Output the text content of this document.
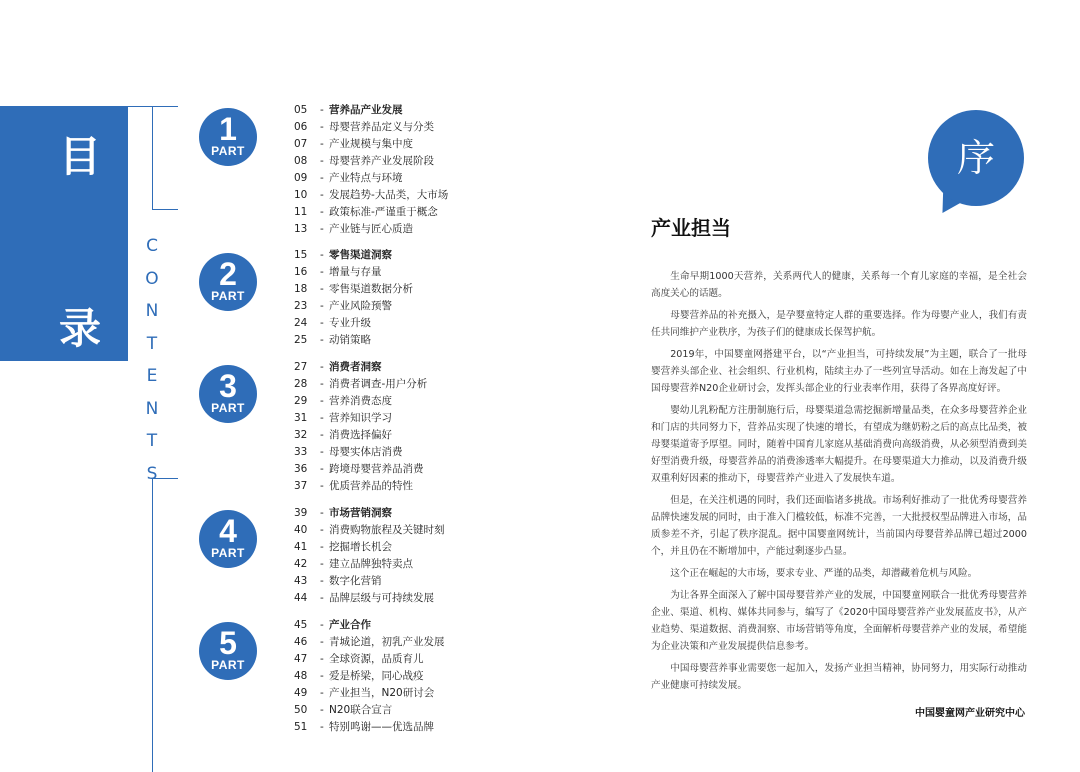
目
录
C
O
N
T
E
N
T
S
1
PART
2
PART
3
PART
4
PART
5
PART
05 - 营养品产业发展
06 - 母婴营养品定义与分类
07 - 产业规模与集中度
08 - 母婴营养产业发展阶段
09 - 产业特点与环境
10 - 发展趋势-大品类，大市场
11 - 政策标准-严谨重于概念
13 - 产业链与匠心质造
15 - 零售渠道洞察
16 - 增量与存量
18 - 零售渠道数据分析
23 - 产业风险预警
24 - 专业升级
25 - 动销策略
27 - 消费者洞察
28 - 消费者调查-用户分析
29 - 营养消费态度
31 - 营养知识学习
32 - 消费选择偏好
33 - 母婴实体店消费
36 - 跨境母婴营养品消费
37 - 优质营养品的特性
39 - 市场营销洞察
40 - 消费购物旅程及关键时刻
41 - 挖掘增长机会
42 - 建立品牌独特卖点
43 - 数字化营销
44 - 品牌层级与可持续发展
45 - 产业合作
46 - 青城论道，初乳产业发展
47 - 全球资源，品质育儿
48 - 爱是桥梁，同心战疫
49 - 产业担当，N20研讨会
50 - N20联合宣言
51 - 特别鸣谢——优选品牌
序
产业担当

生命早期1000天营养，关系两代人的健康，关系每一个育儿家庭的幸福，是全社会高度关心的话题。

母婴营养品的补充摄入，是孕婴童特定人群的重要选择。作为母婴产业人，我们有责任共同维护产业秩序，为孩子们的健康成长保驾护航。

2019年，中国婴童网搭建平台，以“产业担当，可持续发展”为主题，联合了一批母婴营养头部企业、社会组织、行业机构，陆续主办了一些列宣导活动。如在上海发起了中国母婴营养N20企业研讨会，发挥头部企业的行业表率作用，获得了各界高度好评。

婴幼儿乳粉配方注册制施行后，母婴渠道急需挖掘新增量品类，在众多母婴营养企业和门店的共同努力下，营养品实现了快速的增长，有望成为继奶粉之后的高点比品类，被母婴渠道寄予厚望。同时，随着中国育儿家庭从基础消费向高级消费，从必须型消费到美好型消费升级，母婴营养品的消费渗透率大幅提升。在母婴渠道大力推动，以及消费升级双重利好因素的推动下，母婴营养产业进入了发展快车道。

但是，在关注机遇的同时，我们还面临诸多挑战。市场利好推动了一批优秀母婴营养品牌快速发展的同时，由于准入门槛较低，标准不完善，一大批授权型品牌进入市场，品质参差不齐，引起了秩序混乱。据中国婴童网统计，当前国内母婴营养品牌已超过2000个，并且仍在不断增加中，产能过剩逐步凸显。

这个正在崛起的大市场，要求专业、严谨的品类，却潜藏着危机与风险。

为让各界全面深入了解中国母婴营养产业的发展，中国婴童网联合一批优秀母婴营养企业、渠道、机构、媒体共同参与，编写了《2020中国母婴营养产业发展蓝皮书》，从产业趋势、渠道数据、消费洞察、市场营销等角度，全面解析母婴营养产业的发展，希望能为企业决策和产业发展提供信息参考。

中国母婴营养事业需要您一起加入，发扬产业担当精神，协同努力，用实际行动推动产业健康可持续发展。

中国婴童网产业研究中心
